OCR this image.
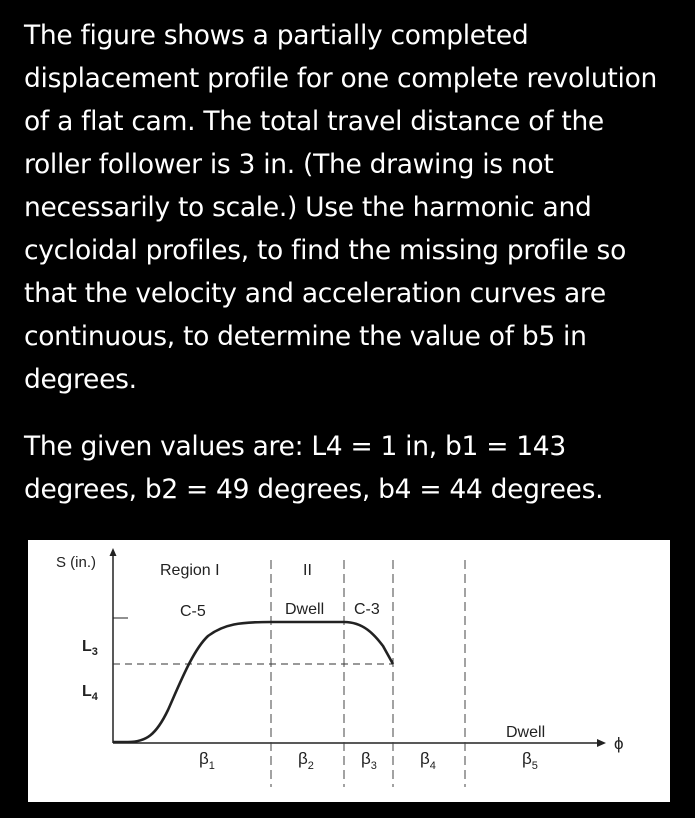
The figure shows a partially completed displacement profile for one complete revolution of a flat cam. The total travel distance of the roller follower is 3 in. (The drawing is not necessarily to scale.) Use the harmonic and cycloidal profiles, to find the missing profile so that the velocity and acceleration curves are continuous, to determine the value of b5 in degrees.
The given values are: L4 = 1 in, b1 = 143 degrees, b2 = 49 degrees, b4 = 44 degrees.
S (in.)
ϕ
$L_3$
$L_4$
Region I	II
C-5	Dwell C-3
Dwell
$\beta_1$	$\beta_2$	$\beta_3$	$\beta_4$	$\beta_5$
